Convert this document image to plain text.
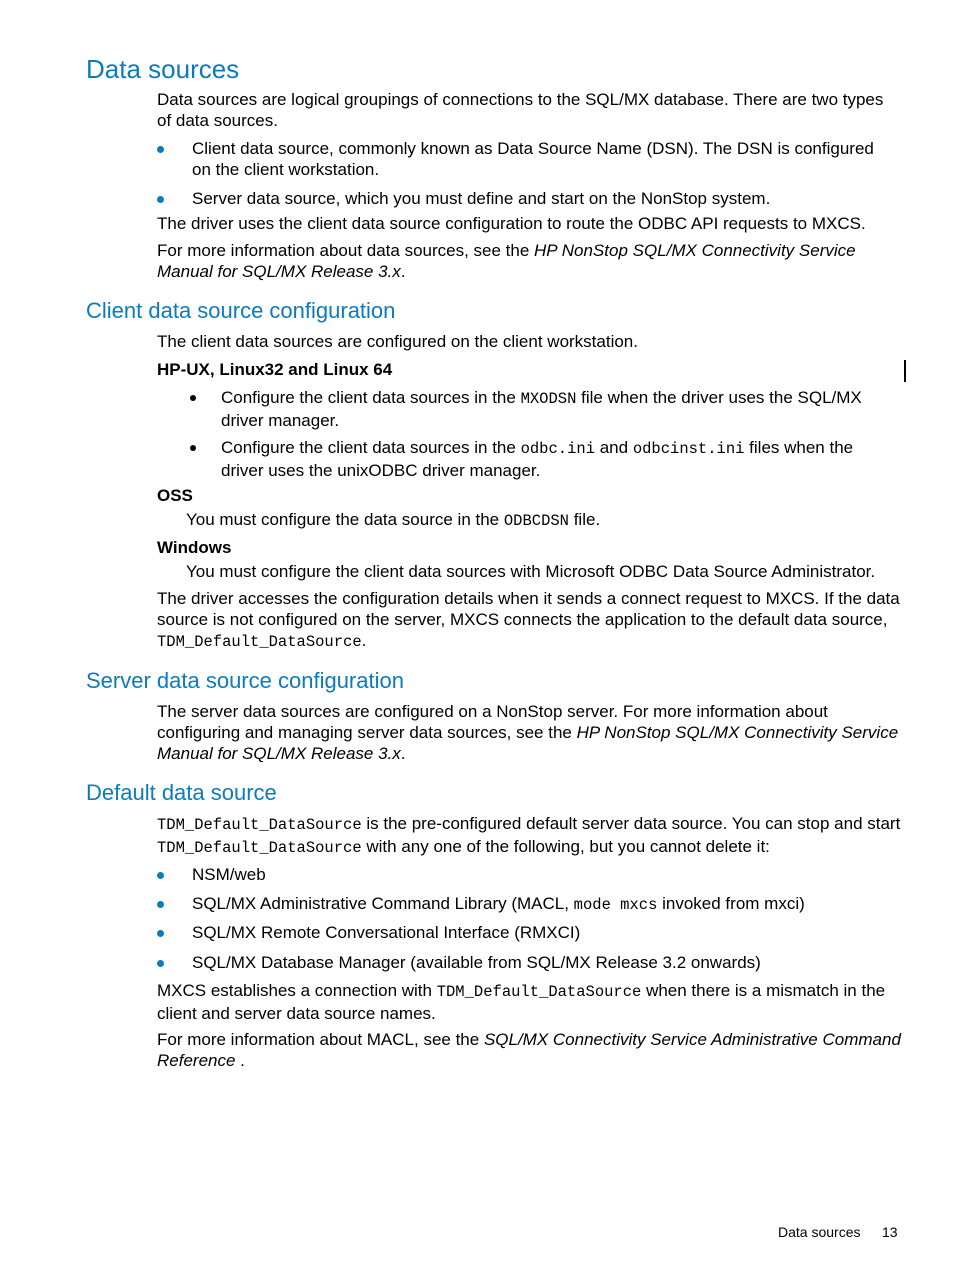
Data sources
Data sources are logical groupings of connections to the SQL/MX database. There are two types of data sources.
Client data source, commonly known as Data Source Name (DSN). The DSN is configured on the client workstation.
Server data source, which you must define and start on the NonStop system.
The driver uses the client data source configuration to route the ODBC API requests to MXCS.
For more information about data sources, see the HP NonStop SQL/MX Connectivity Service Manual for SQL/MX Release 3.x.
Client data source configuration
The client data sources are configured on the client workstation.
HP-UX, Linux32 and Linux 64
Configure the client data sources in the MXODSN file when the driver uses the SQL/MX driver manager.
Configure the client data sources in the odbc.ini and odbcinst.ini files when the driver uses the unixODBC driver manager.
OSS
You must configure the data source in the ODBCDSN file.
Windows
You must configure the client data sources with Microsoft ODBC Data Source Administrator.
The driver accesses the configuration details when it sends a connect request to MXCS. If the data source is not configured on the server, MXCS connects the application to the default data source, TDM_Default_DataSource.
Server data source configuration
The server data sources are configured on a NonStop server. For more information about configuring and managing server data sources, see the HP NonStop SQL/MX Connectivity Service Manual for SQL/MX Release 3.x.
Default data source
TDM_Default_DataSource is the pre-configured default server data source. You can stop and start TDM_Default_DataSource with any one of the following, but you cannot delete it:
NSM/web
SQL/MX Administrative Command Library (MACL, mode mxcs invoked from mxci)
SQL/MX Remote Conversational Interface (RMXCI)
SQL/MX Database Manager (available from SQL/MX Release 3.2 onwards)
MXCS establishes a connection with TDM_Default_DataSource when there is a mismatch in the client and server data source names.
For more information about MACL, see the SQL/MX Connectivity Service Administrative Command Reference .
Data sources 13
